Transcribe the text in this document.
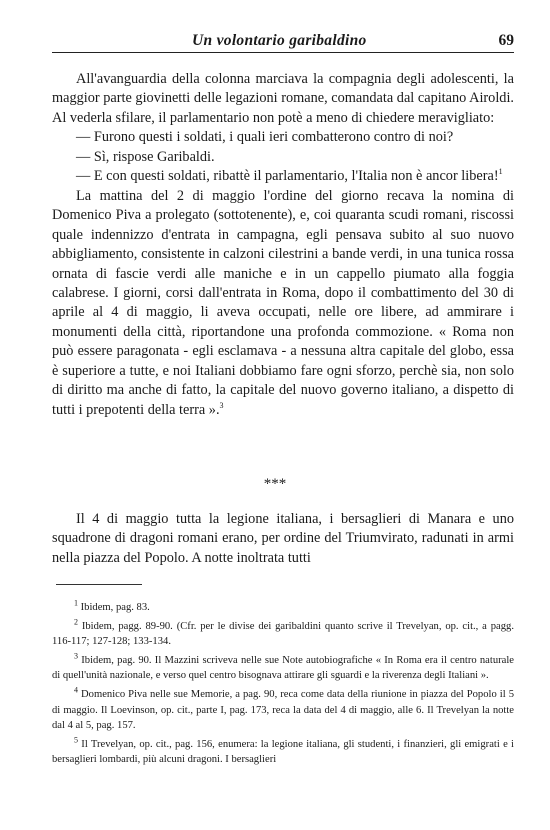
Un volontario garibaldino	69

All'avanguardia della colonna marciava la compagnia degli adolescenti, la maggior parte giovinetti delle legazioni romane, comandata dal capitano Airoldi. Al vederla sfilare, il parlamentario non potè a meno di chiedere meravigliato:

— Furono questi i soldati, i quali ieri combatterono contro di noi?

— Sì, rispose Garibaldi.

— E con questi soldati, ribattè il parlamentario, l'Italia non è ancor libera!$^1$

La mattina del 2 di maggio l'ordine del giorno recava la nomina di Domenico Piva a prolegato (sottotenente), e, coi quaranta scudi romani, riscossi quale indennizzo d'entrata in campagna, egli pensava subito al suo nuovo abbigliamento, consistente in calzoni cilestrini a bande verdi, in una tunica rossa ornata di fascie verdi alle maniche e in un cappello piumato alla foggia calabrese. I giorni, corsi dall'entrata in Roma, dopo il combattimento del 30 di aprile al 4 di maggio, li aveva occupati, nelle ore libere, ad ammirare i monumenti della città, riportandone una profonda commozione. « Roma non può essere paragonata - egli esclamava - a nessuna altra capitale del globo, essa è superiore a tutte, e noi Italiani dobbiamo fare ogni sforzo, perchè sia, non solo di diritto ma anche di fatto, la capitale del nuovo governo italiano, a dispetto di tutti i prepotenti della terra ».$^3$

***

Il 4 di maggio tutta la legione italiana, i bersaglieri di Manara e uno squadrone di dragoni romani erano, per ordine del Triumvirato, radunati in armi nella piazza del Popolo. A notte inoltrata tutti

$^1$ Ibidem, pag. 83.

$^2$ Ibidem, pagg. 89-90. (Cfr. per le divise dei garibaldini quanto scrive il Trevelyan, op. cit., a pagg. 116-117; 127-128; 133-134.

$^3$ Ibidem, pag. 90. Il Mazzini scriveva nelle sue Note autobiografiche « In Roma era il centro naturale di quell'unità nazionale, e verso quel centro bisognava attirare gli sguardi e la riverenza degli Italiani ».

$^4$ Domenico Piva nelle sue Memorie, a pag. 90, reca come data della riunione in piazza del Popolo il 5 di maggio. Il Loevinson, op. cit., parte I, pag. 173, reca la data del 4 di maggio, alle 6. Il Trevelyan la notte dal 4 al 5, pag. 157.

$^5$ Il Trevelyan, op. cit., pag. 156, enumera: la legione italiana, gli studenti, i finanzieri, gli emigrati e i bersaglieri lombardi, più alcuni dragoni. I bersaglieri
